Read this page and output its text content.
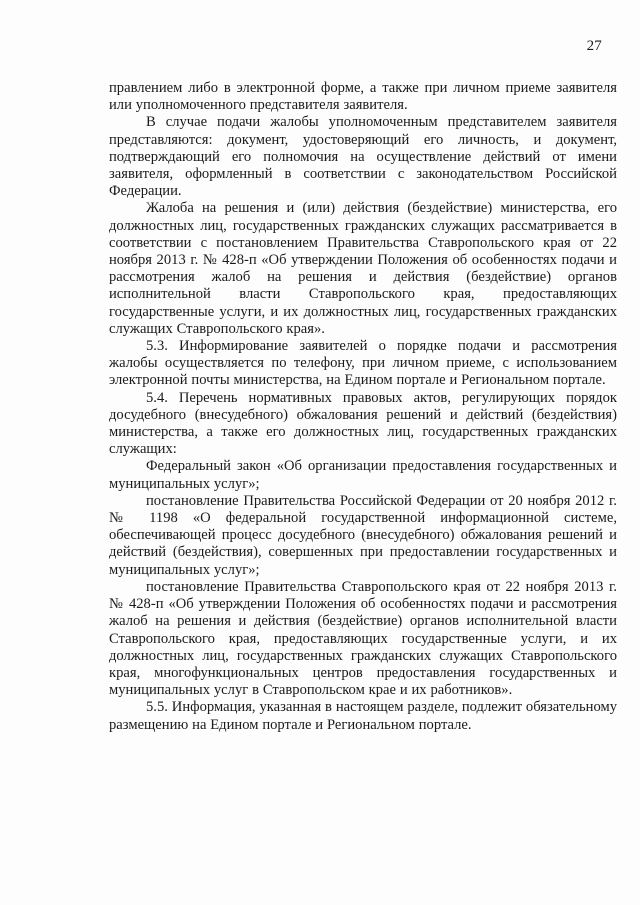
27

правлением либо в электронной форме, а также при личном приеме заявителя или уполномоченного представителя заявителя.

В случае подачи жалобы уполномоченным представителем заявителя представляются: документ, удостоверяющий его личность, и документ, подтверждающий его полномочия на осуществление действий от имени заявителя, оформленный в соответствии с законодательством Российской Федерации.

Жалоба на решения и (или) действия (бездействие) министерства, его должностных лиц, государственных гражданских служащих рассматривается в соответствии с постановлением Правительства Ставропольского края от 22 ноября 2013 г. № 428-п «Об утверждении Положения об особенностях подачи и рассмотрения жалоб на решения и действия (бездействие) органов исполнительной власти Ставропольского края, предоставляющих государственные услуги, и их должностных лиц, государственных гражданских служащих Ставропольского края».

5.3. Информирование заявителей о порядке подачи и рассмотрения жалобы осуществляется по телефону, при личном приеме, с использованием электронной почты министерства, на Едином портале и Региональном портале.

5.4. Перечень нормативных правовых актов, регулирующих порядок досудебного (внесудебного) обжалования решений и действий (бездействия) министерства, а также его должностных лиц, государственных гражданских служащих:

Федеральный закон «Об организации предоставления государственных и муниципальных услуг»;

постановление Правительства Российской Федерации от 20 ноября 2012 г. № 1198 «О федеральной государственной информационной системе, обеспечивающей процесс досудебного (внесудебного) обжалования решений и действий (бездействия), совершенных при предоставлении государственных и муниципальных услуг»;

постановление Правительства Ставропольского края от 22 ноября 2013 г. № 428-п «Об утверждении Положения об особенностях подачи и рассмотрения жалоб на решения и действия (бездействие) органов исполнительной власти Ставропольского края, предоставляющих государственные услуги, и их должностных лиц, государственных гражданских служащих Ставропольского края, многофункциональных центров предоставления государственных и муниципальных услуг в Ставропольском крае и их работников».

5.5. Информация, указанная в настоящем разделе, подлежит обязательному размещению на Едином портале и Региональном портале.
